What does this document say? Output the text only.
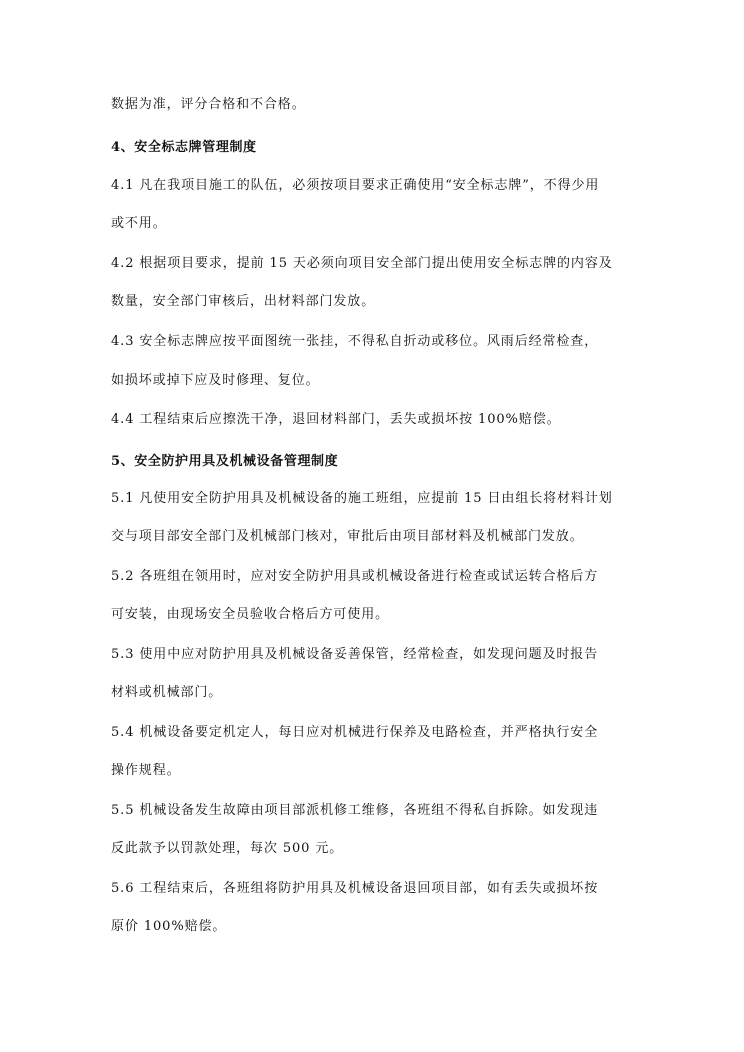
数据为准，评分合格和不合格。
4、安全标志牌管理制度
4.1 凡在我项目施工的队伍，必须按项目要求正确使用“安全标志牌”，不得少用
或不用。
4.2 根据项目要求，提前 15 天必须向项目安全部门提出使用安全标志牌的内容及
数量，安全部门审核后，出材料部门发放。
4.3 安全标志牌应按平面图统一张挂，不得私自折动或移位。风雨后经常检查，
如损坏或掉下应及时修理、复位。
4.4 工程结束后应擦洗干净，退回材料部门，丢失或损坏按 100%赔偿。
5、安全防护用具及机械设备管理制度
5.1 凡使用安全防护用具及机械设备的施工班组，应提前 15 日由组长将材料计划
交与项目部安全部门及机械部门核对，审批后由项目部材料及机械部门发放。
5.2 各班组在领用时，应对安全防护用具或机械设备进行检查或试运转合格后方
可安装，由现场安全员验收合格后方可使用。
5.3 使用中应对防护用具及机械设备妥善保管，经常检查，如发现问题及时报告
材料或机械部门。
5.4 机械设备要定机定人，每日应对机械进行保养及电路检查，并严格执行安全
操作规程。
5.5 机械设备发生故障由项目部派机修工维修，各班组不得私自拆除。如发现违
反此款予以罚款处理，每次 500 元。
5.6 工程结束后，各班组将防护用具及机械设备退回项目部，如有丢失或损坏按
原价 100%赔偿。
